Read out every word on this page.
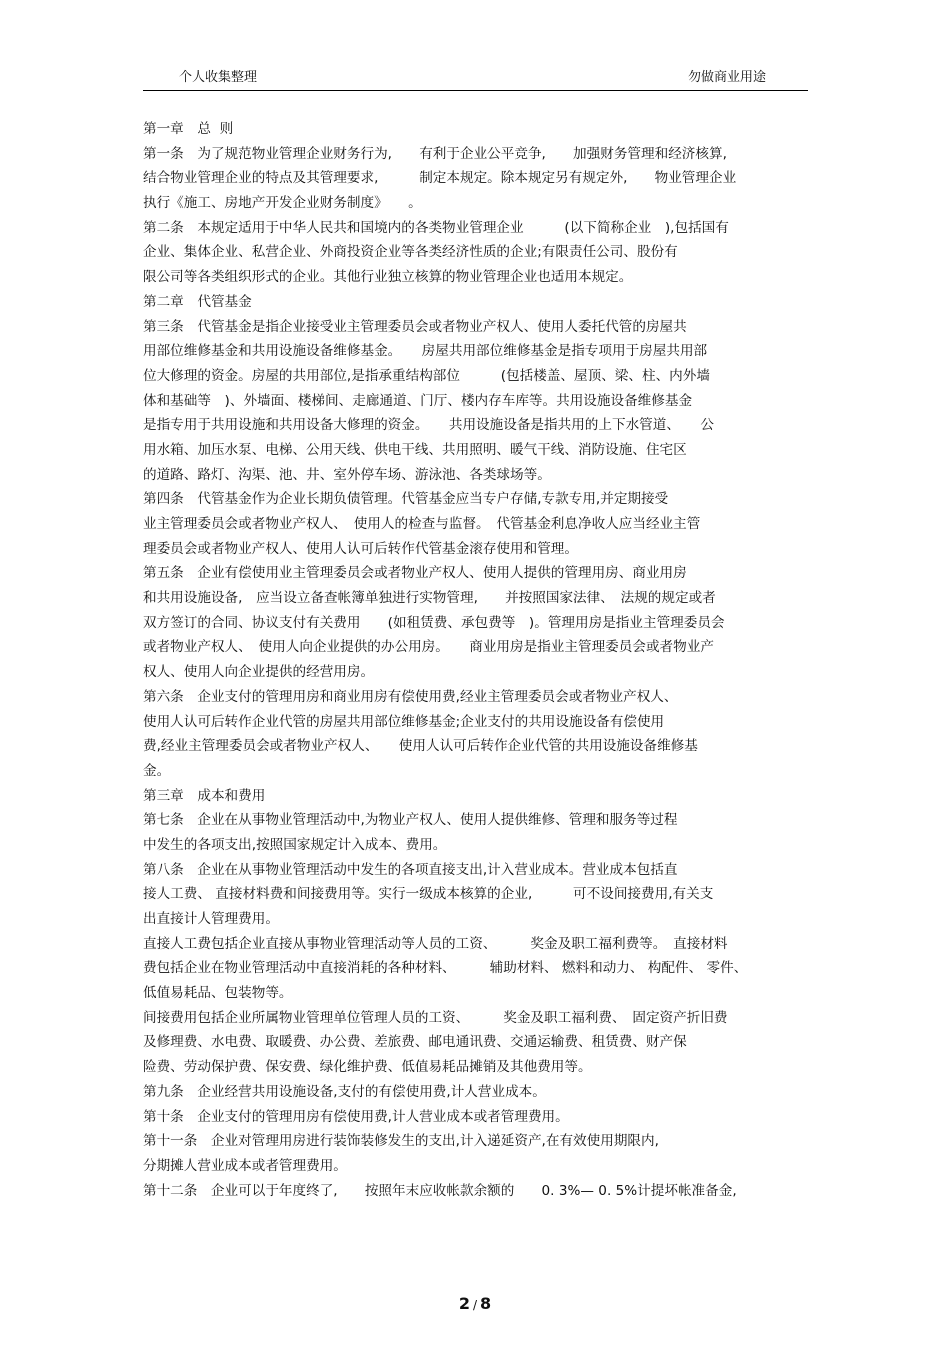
个人收集整理	勿做商业用途
第一章　总  则
第一条　为了规范物业管理企业财务行为,　　有利于企业公平竞争,　　加强财务管理和经济核算,
结合物业管理企业的特点及其管理要求,　　　制定本规定。除本规定另有规定外,　　物业管理企业
执行《施工、房地产开发企业财务制度》　　。
第二条　本规定适用于中华人民共和国境内的各类物业管理企业　　　(以下简称企业　),包括国有
企业、集体企业、私营企业、外商投资企业等各类经济性质的企业;有限责任公司、股份有
限公司等各类组织形式的企业。其他行业独立核算的物业管理企业也适用本规定。
第二章　代管基金
第三条　代管基金是指企业接受业主管理委员会或者物业产权人、使用人委托代管的房屋共
用部位维修基金和共用设施设备维修基金。　　房屋共用部位维修基金是指专项用于房屋共用部
位大修理的资金。房屋的共用部位,是指承重结构部位　　　(包括楼盖、屋顶、梁、柱、内外墙
体和基础等　)、外墙面、楼梯间、走廊通道、门厅、楼内存车库等。共用设施设备维修基金
是指专用于共用设施和共用设备大修理的资金。　　共用设施设备是指共用的上下水管道、　　公
用水箱、加压水泵、电梯、公用天线、供电干线、共用照明、暖气干线、消防设施、住宅区
的道路、路灯、沟渠、池、井、室外停车场、游泳池、各类球场等。
第四条　代管基金作为企业长期负债管理。代管基金应当专户存储,专款专用,并定期接受
业主管理委员会或者物业产权人、　使用人的检查与监督。　代管基金利息净收人应当经业主管
理委员会或者物业产权人、使用人认可后转作代管基金滚存使用和管理。
第五条　企业有偿使用业主管理委员会或者物业产权人、使用人提供的管理用房、商业用房
和共用设施设备,　应当设立备查帐簿单独进行实物管理,　　并按照国家法律、　法规的规定或者
双方签订的合同、协议支付有关费用　　(如租赁费、承包费等　)。管理用房是指业主管理委员会
或者物业产权人、　使用人向企业提供的办公用房。　　商业用房是指业主管理委员会或者物业产
权人、使用人向企业提供的经营用房。
第六条　企业支付的管理用房和商业用房有偿使用费,经业主管理委员会或者物业产权人、
使用人认可后转作企业代管的房屋共用部位维修基金;企业支付的共用设施设备有偿使用
费,经业主管理委员会或者物业产权人、　　使用人认可后转作企业代管的共用设施设备维修基
金。
第三章　成本和费用
第七条　企业在从事物业管理活动中,为物业产权人、使用人提供维修、管理和服务等过程
中发生的各项支出,按照国家规定计入成本、费用。
第八条　企业在从事物业管理活动中发生的各项直接支出,计入营业成本。营业成本包括直
接人工费、 直接材料费和间接费用等。实行一级成本核算的企业,　　　可不设间接费用,有关支
出直接计人管理费用。
直接人工费包括企业直接从事物业管理活动等人员的工资、　　　奖金及职工福利费等。　直接材料
费包括企业在物业管理活动中直接消耗的各种材料、　　　辅助材料、 燃料和动力、 构配件、 零件、
低值易耗品、包装物等。
间接费用包括企业所属物业管理单位管理人员的工资、　　　奖金及职工福利费、　固定资产折旧费
及修理费、水电费、取暖费、办公费、差旅费、邮电通讯费、交通运输费、租赁费、财产保
险费、劳动保护费、保安费、绿化维护费、低值易耗品摊销及其他费用等。
第九条　企业经营共用设施设备,支付的有偿使用费,计人营业成本。
第十条　企业支付的管理用房有偿使用费,计人营业成本或者管理费用。
第十一条　企业对管理用房进行装饰装修发生的支出,计入递延资产,在有效使用期限内,
分期摊人营业成本或者管理费用。
第十二条　企业可以于年度终了,　　按照年末应收帐款余额的　　0. 3%— 0. 5%计提坏帐准备金,
2 / 8
